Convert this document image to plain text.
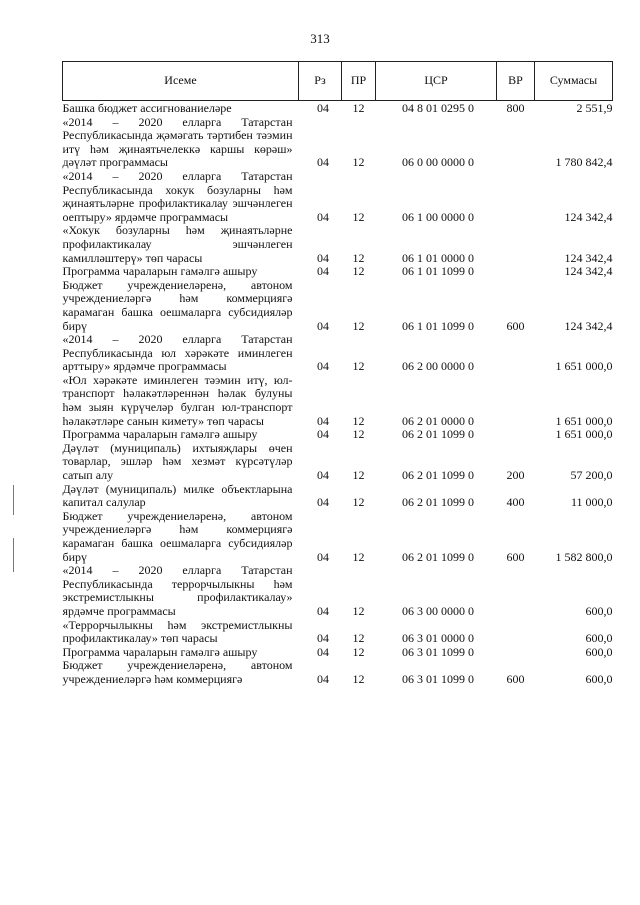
313
Исеме	Рз	ПР	ЦСР	ВР	Суммасы
Башка бюджет ассигнованиеләре	04	12	04 8 01 0295 0	800	2 551,9
«2014 – 2020 елларга Татарстан Республикасында җәмәгать тәртибен тәэмин итү һәм җинаятьчелеккә каршы көрәш» дәүләт программасы	04	12	06 0 00 0000 0		1 780 842,4
«2014 – 2020 елларга Татарстан Республикасында хокук бозуларны һәм җинаятьләрне профилактикалау эшчәнлеген оептыру» ярдәмче программасы	04	12	06 1 00 0000 0		124 342,4
«Хокук бозуларны һәм җинаятьләрне профилактикалау эшчәнлеген камилләштерү» төп чарасы	04	12	06 1 01 0000 0		124 342,4
Программа чараларын гамәлгә ашыру	04	12	06 1 01 1099 0		124 342,4
Бюджет учреждениеләренә, автоном учреждениеләргә һәм коммерциягә карамаган башка оешмаларга субсидияләр бирү	04	12	06 1 01 1099 0	600	124 342,4
«2014 – 2020 елларга Татарстан Республикасында юл хәрәкәте иминлеген арттыру» ярдәмче программасы	04	12	06 2 00 0000 0		1 651 000,0
«Юл хәрәкәте иминлеген тәэмин итү, юл-транспорт һәлакәтләреннән һәлак булуны һәм зыян күрүчеләр булган юл-транспорт һәлакәтләре санын кимету» төп чарасы	04	12	06 2 01 0000 0		1 651 000,0
Программа чараларын гамәлгә ашыру	04	12	06 2 01 1099 0		1 651 000,0
Дәүләт (муниципаль) ихтыяҗлары өчен товарлар, эшләр һәм хезмәт күрсәтүләр сатып алу	04	12	06 2 01 1099 0	200	57 200,0
Дәүләт (муниципаль) милке объектларына капитал салулар	04	12	06 2 01 1099 0	400	11 000,0
Бюджет учреждениеләренә, автоном учреждениеләргә һәм коммерциягә карамаган башка оешмаларга субсидияләр бирү	04	12	06 2 01 1099 0	600	1 582 800,0
«2014 – 2020 елларга Татарстан Республикасында террорчылыкны һәм экстремистлыкны профилактикалау» ярдәмче программасы	04	12	06 3 00 0000 0		600,0
«Террорчылыкны һәм экстремистлыкны профилактикалау» төп чарасы	04	12	06 3 01 0000 0		600,0
Программа чараларын гамәлгә ашыру	04	12	06 3 01 1099 0		600,0
Бюджет учреждениеләренә, автоном учреждениеләргә һәм коммерциягә	04	12	06 3 01 1099 0	600	600,0
